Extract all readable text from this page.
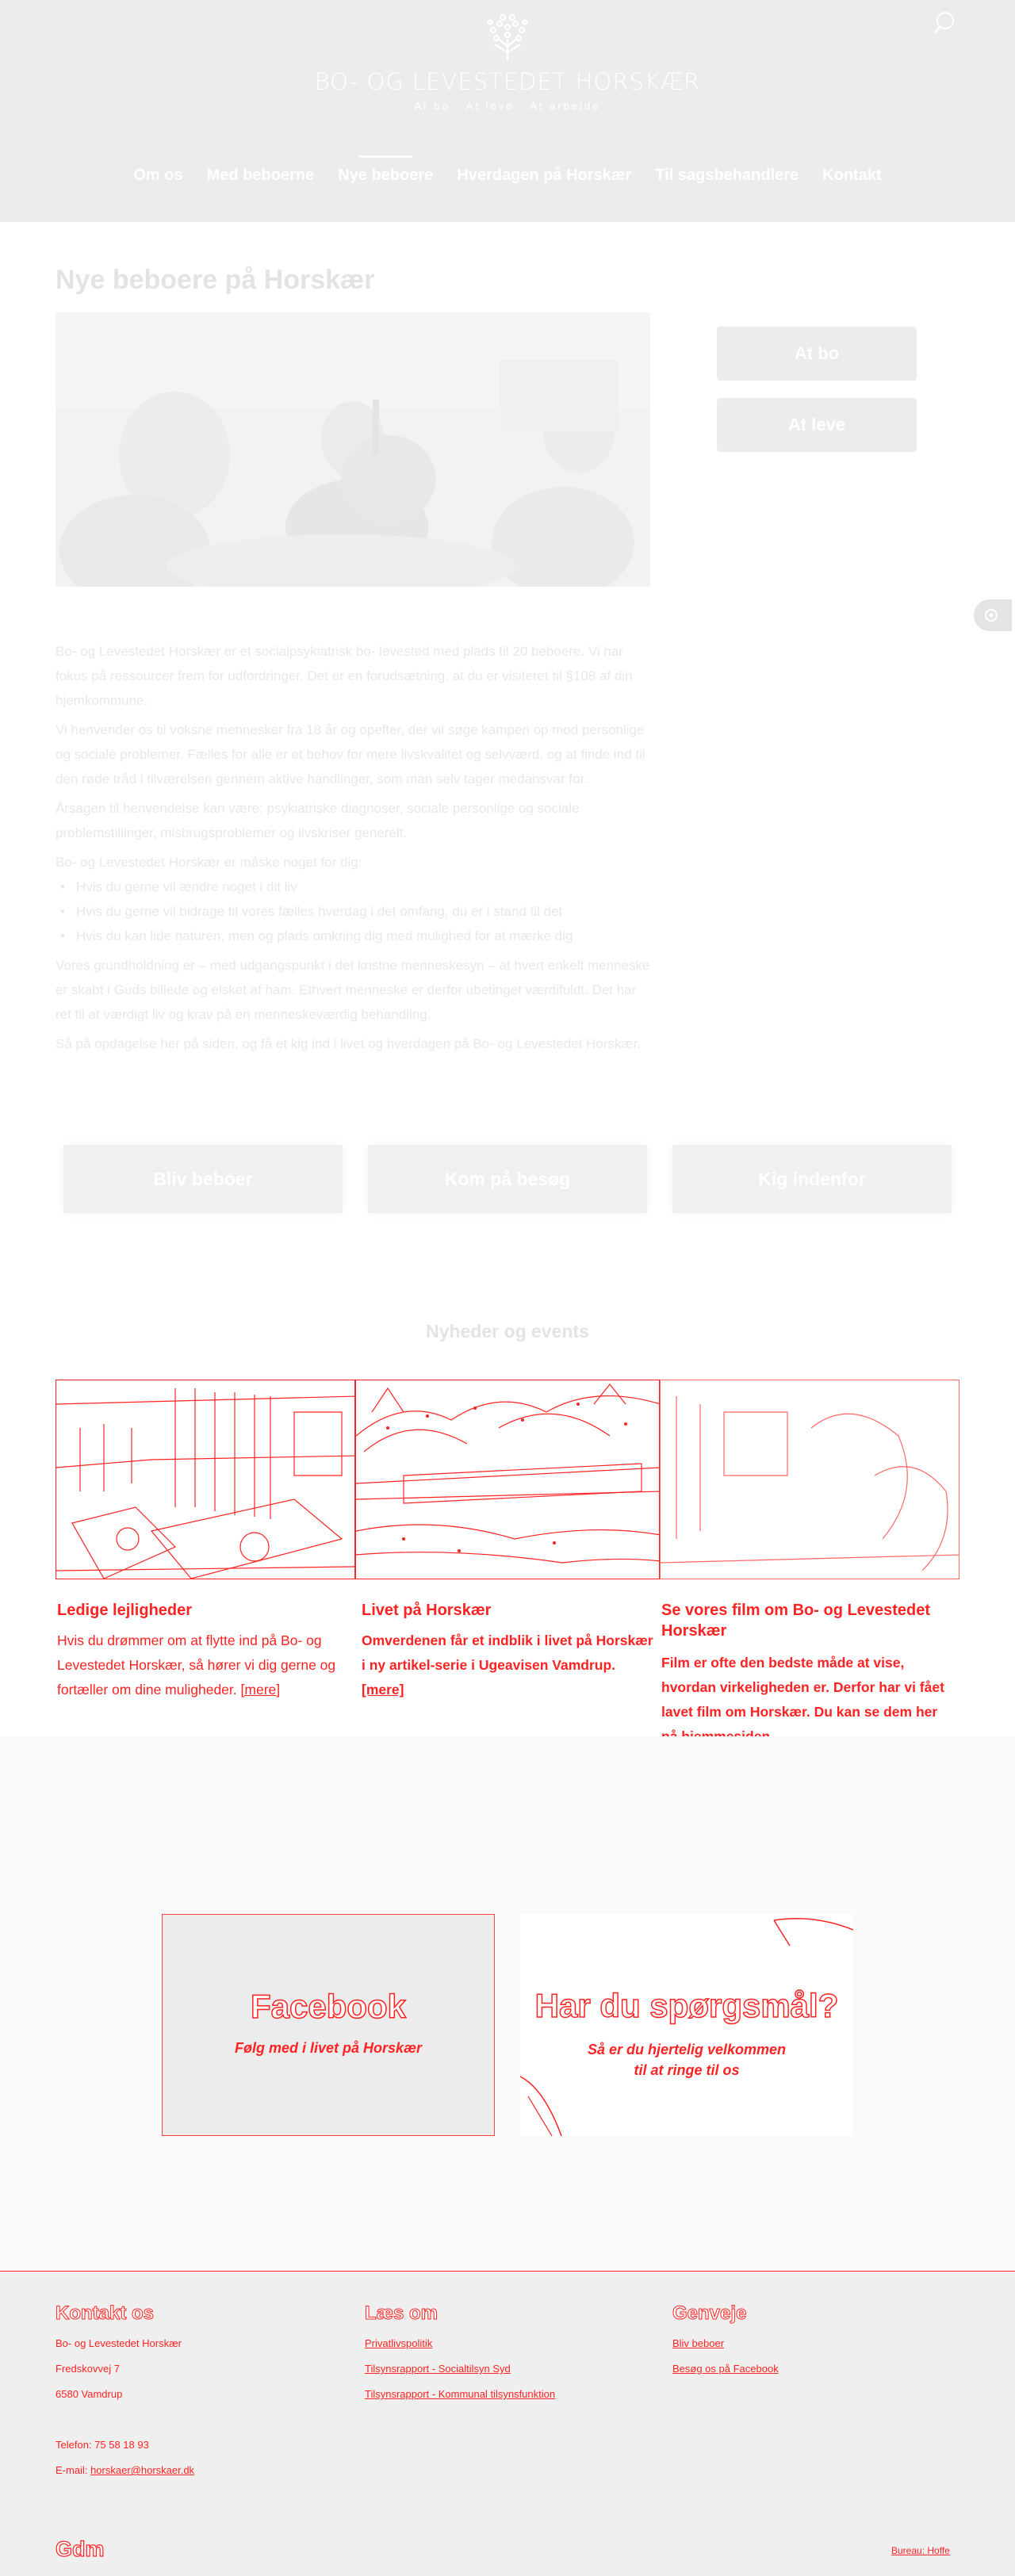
BO- OG LEVESTEDET HORSKÆR
At bo · At leve · At arbejde
Om os Med beboerne Nye beboere Hverdagen på Horskær Til sagsbehandlere Kontakt
Nye beboere på Horskær
At bo
At leve

Bo- og Levestedet Horskær er et socialpsykiatrisk bo- levested med plads til 20 beboere. Vi har fokus på ressourcer frem for udfordringer. Det er en forudsætning, at du er visiteret til §108 af din hjemkommune.

Vi henvender os til voksne mennesker fra 18 år og opefter, der vil søge kampen op mod personlige og sociale problemer. Fælles for alle er et behov for mere livskvalitet og selvværd, og at finde ind til den røde tråd i tilværelsen gennem aktive handlinger, som man selv tager medansvar for.

Årsagen til henvendelse kan være: psykiatriske diagnoser, sociale personlige og sociale problemstillinger, misbrugsproblemer og livskriser generelt.

Bo- og Levestedet Horskær er måske noget for dig:

• Hvis du gerne vil ændre noget i dit liv
• Hvis du gerne vil bidrage til vores fælles hverdag i det omfang, du er i stand til det
• Hvis du kan lide naturen, men og plads omkring dig med mulighed for at mærke dig

Vores grundholdning er – med udgangspunkt i det kristne menneskesyn – at hvert enkelt menneske er skabt i Guds billede og elsket af ham. Ethvert menneske er derfor ubetinget værdifuldt. Det har ret til at værdigt liv og krav på en menneskeværdig behandling.

Så på opdagelse her på siden, og få et kig ind i livet og hverdagen på Bo- og Levestedet Horskær.

Bliv beboer	Kom på besøg	Kig indenfor
Nyheder og events
Ledige lejligheder
Hvis du drømmer om at flytte ind på Bo- og Levestedet Horskær, så hører vi dig gerne og fortæller om dine muligheder. [mere]
Livet på Horskær
Omverdenen får et indblik i livet på Horskær i ny artikel-serie i Ugeavisen Vamdrup. [mere]
Se vores film om Bo- og Levestedet Horskær
Film er ofte den bedste måde at vise, hvordan virkeligheden er. Derfor har vi fået lavet film om Horskær. Du kan se dem her

Facebook
Følg med i livet på Horskær
Har du spørgsmål?
Så er du hjertelig velkommen
til at ringe til os
Kontakt os
Bo- og Levestedet Horskær
Fredskovvej 7
6580 Vamdrup
Telefon: 75 58 18 93
E-mail: horskaer@horskaer.dk
Læs om
Privatlivspolitik
Tilsynsrapport - Socialtilsyn Syd
Tilsynsrapport - Kommunal tilsynsfunktion
Genveje
Bliv beboer
Besøg os på Facebook
Gdm	Bureau: Hoffe
